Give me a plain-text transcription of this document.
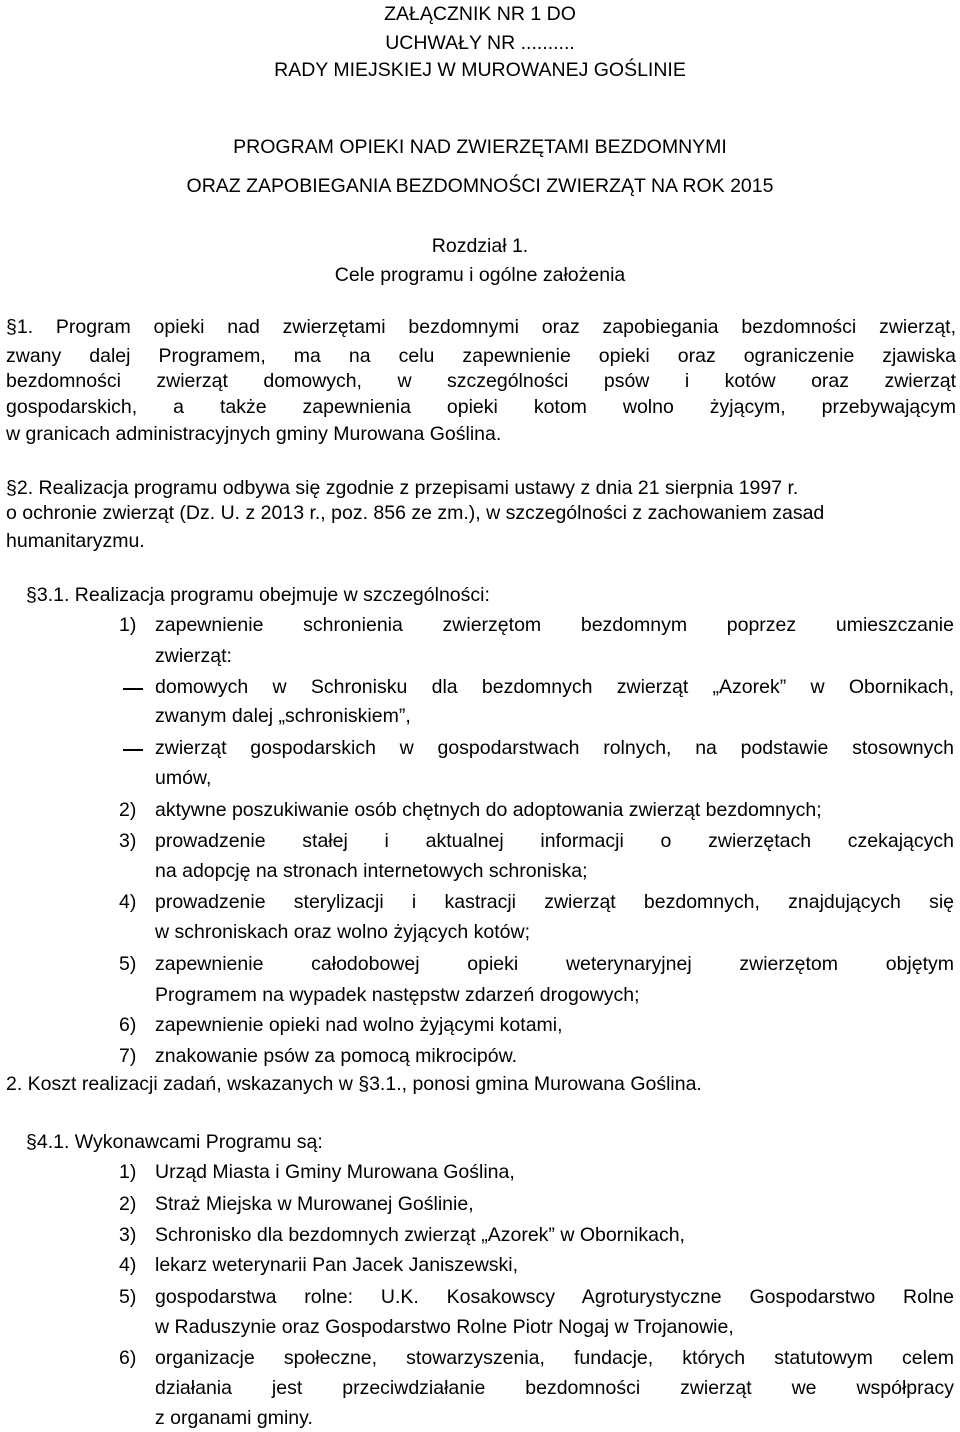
ZAŁĄCZNIK NR 1 DO
UCHWAŁY NR ..........
RADY MIEJSKIEJ W MUROWANEJ GOŚLINIE
PROGRAM OPIEKI NAD ZWIERZĘTAMI BEZDOMNYMI
ORAZ ZAPOBIEGANIA BEZDOMNOŚCI ZWIERZĄT NA ROK 2015
Rozdział 1.
Cele programu i ogólne założenia
§1. Program opieki nad zwierzętami bezdomnymi oraz zapobiegania bezdomności zwierząt,
zwany dalej Programem, ma na celu zapewnienie opieki oraz ograniczenie zjawiska
bezdomności zwierząt domowych, w szczególności psów i kotów oraz zwierząt
gospodarskich, a także zapewnienia opieki kotom wolno żyjącym, przebywającym
w granicach administracyjnych gminy Murowana Goślina.
§2. Realizacja programu odbywa się zgodnie z przepisami ustawy z dnia 21 sierpnia 1997 r.
o ochronie zwierząt (Dz. U. z 2013 r., poz. 856 ze zm.), w szczególności z zachowaniem zasad
humanitaryzmu.
§3.1. Realizacja programu obejmuje w szczególności:
1) zapewnienie schronienia zwierzętom bezdomnym poprzez umieszczanie
zwierząt:
domowych w Schronisku dla bezdomnych zwierząt „Azorek” w Obornikach,
zwanym dalej „schroniskiem”,
zwierząt gospodarskich w gospodarstwach rolnych, na podstawie stosownych
umów,
2) aktywne poszukiwanie osób chętnych do adoptowania zwierząt bezdomnych;
3) prowadzenie stałej i aktualnej informacji o zwierzętach czekających
na adopcję na stronach internetowych schroniska;
4) prowadzenie sterylizacji i kastracji zwierząt bezdomnych, znajdujących się
w schroniskach oraz wolno żyjących kotów;
5) zapewnienie całodobowej opieki weterynaryjnej zwierzętom objętym
Programem na wypadek następstw zdarzeń drogowych;
6) zapewnienie opieki nad wolno żyjącymi kotami,
7) znakowanie psów za pomocą mikrocipów.
2. Koszt realizacji zadań, wskazanych w §3.1., ponosi gmina Murowana Goślina.
§4.1. Wykonawcami Programu są:
1) Urząd Miasta i Gminy Murowana Goślina,
2) Straż Miejska w Murowanej Goślinie,
3) Schronisko dla bezdomnych zwierząt „Azorek” w Obornikach,
4) lekarz weterynarii Pan Jacek Janiszewski,
5) gospodarstwa rolne: U.K. Kosakowscy Agroturystyczne Gospodarstwo Rolne
w Raduszynie oraz Gospodarstwo Rolne Piotr Nogaj w Trojanowie,
6) organizacje społeczne, stowarzyszenia, fundacje, których statutowym celem
działania jest przeciwdziałanie bezdomności zwierząt we współpracy
z organami gminy.
